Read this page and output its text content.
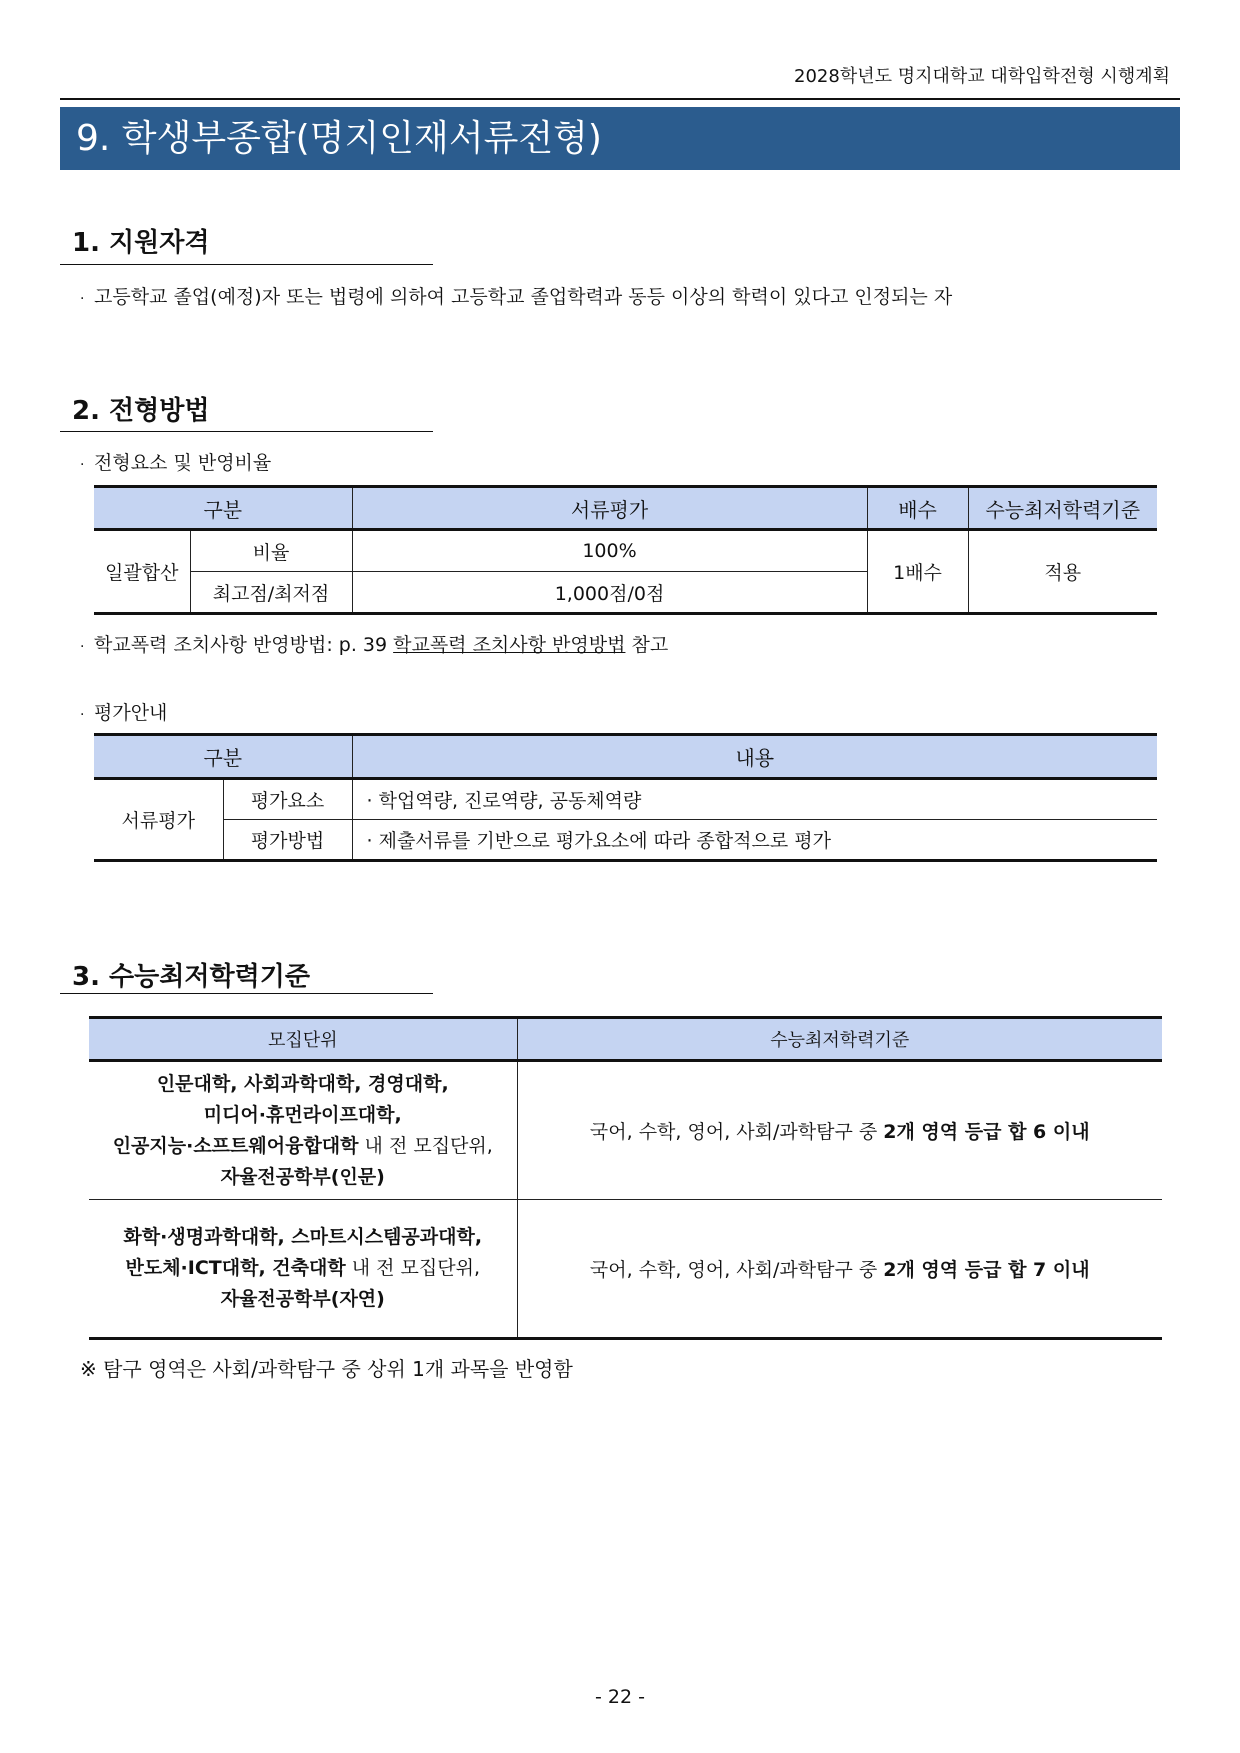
2028학년도 명지대학교 대학입학전형 시행계획
9. 학생부종합(명지인재서류전형)
1. 지원자격
· 고등학교 졸업(예정)자 또는 법령에 의하여 고등학교 졸업학력과 동등 이상의 학력이 있다고 인정되는 자
2. 전형방법
· 전형요소 및 반영비율
구분		서류평가	배수	수능최저학력기준
일괄합산	비율	100%	1배수	적용
	최고점/최저점	1,000점/0점		
· 학교폭력 조치사항 반영방법: p. 39 학교폭력 조치사항 반영방법 참고
· 평가안내
구분		내용
서류평가	평가요소	· 학업역량, 진로역량, 공동체역량
	평가방법	· 제출서류를 기반으로 평가요소에 따라 종합적으로 평가
3. 수능최저학력기준
모집단위	수능최저학력기준

인문대학, 사회과학대학, 경영대학,
미디어·휴먼라이프대학,
인공지능·소프트웨어융합대학 내 전 모집단위,
자율전공학부(인문)	국어, 수학, 영어, 사회/과학탐구 중 2개 영역 등급 합 6 이내

화학·생명과학대학, 스마트시스템공과대학,
반도체·ICT대학, 건축대학 내 전 모집단위,
자율전공학부(자연)	국어, 수학, 영어, 사회/과학탐구 중 2개 영역 등급 합 7 이내
※ 탐구 영역은 사회/과학탐구 중 상위 1개 과목을 반영함
- 22 -
